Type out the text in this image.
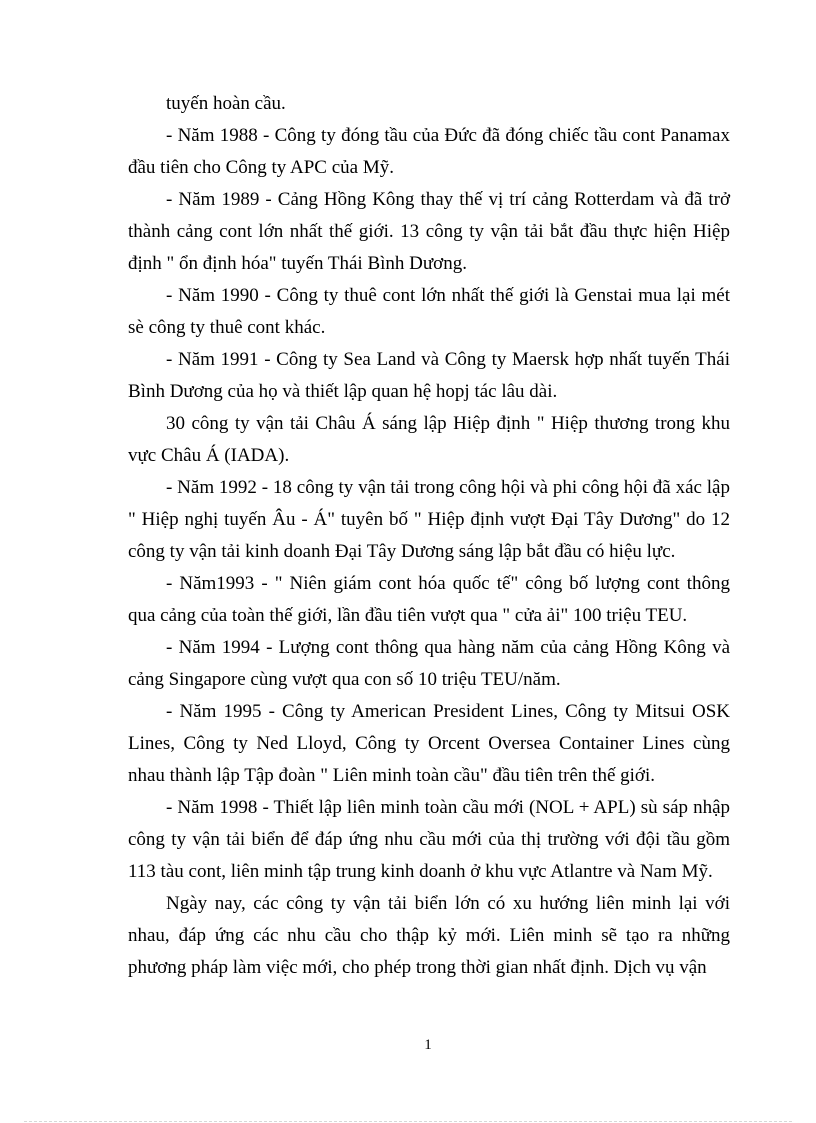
tuyến hoàn cầu.

- Năm 1988 - Công ty đóng tầu của Đức đã đóng chiếc tầu cont Panamax đầu tiên cho Công ty APC của Mỹ.

- Năm 1989 - Cảng Hồng Kông thay thế vị trí cảng Rotterdam và đã trở thành cảng cont lớn nhất thế giới. 13 công ty vận tải bắt đầu thực hiện Hiệp định " ổn định hóa" tuyến Thái Bình Dương.

- Năm 1990 - Công ty thuê cont lớn nhất thế giới là Genstai mua lại mét sè công ty thuê cont khác.

- Năm 1991 - Công ty Sea Land và Công ty Maersk hợp nhất tuyến Thái Bình Dương của họ và thiết lập quan hệ hopj tác lâu dài.

30 công ty vận tải Châu Á sáng lập Hiệp định " Hiệp thương trong khu vực Châu Á (IADA).

- Năm 1992 - 18 công ty vận tải trong công hội và phi công hội đã xác lập " Hiệp nghị tuyến Âu - Á" tuyên bố " Hiệp định vượt Đại Tây Dương" do 12 công ty vận tải kinh doanh Đại Tây Dương sáng lập bắt đầu có hiệu lực.

- Năm1993 - " Niên giám cont hóa quốc tế" công bố lượng cont thông qua cảng của toàn thế giới, lần đầu tiên vượt qua " cửa ải" 100 triệu TEU.

- Năm 1994 - Lượng cont thông qua hàng năm của cảng Hồng Kông và cảng Singapore cùng vượt qua con số 10 triệu TEU/năm.

- Năm 1995 - Công ty American President Lines, Công ty Mitsui OSK Lines, Công ty Ned Lloyd, Công ty Orcent Oversea Container Lines cùng nhau thành lập Tập đoàn " Liên minh toàn cầu" đầu tiên trên thế giới.

- Năm 1998 - Thiết lập liên minh toàn cầu mới (NOL + APL) sù sáp nhập công ty vận tải biển để đáp ứng nhu cầu mới của thị trường với đội tầu gồm 113 tàu cont, liên minh tập trung kinh doanh ở khu vực Atlantre và Nam Mỹ.

Ngày nay, các công ty vận tải biển lớn có xu hướng liên minh lại với nhau, đáp ứng các nhu cầu cho thập kỷ mới. Liên minh sẽ tạo ra những phương pháp làm việc mới, cho phép trong thời gian nhất định. Dịch vụ vận

1
